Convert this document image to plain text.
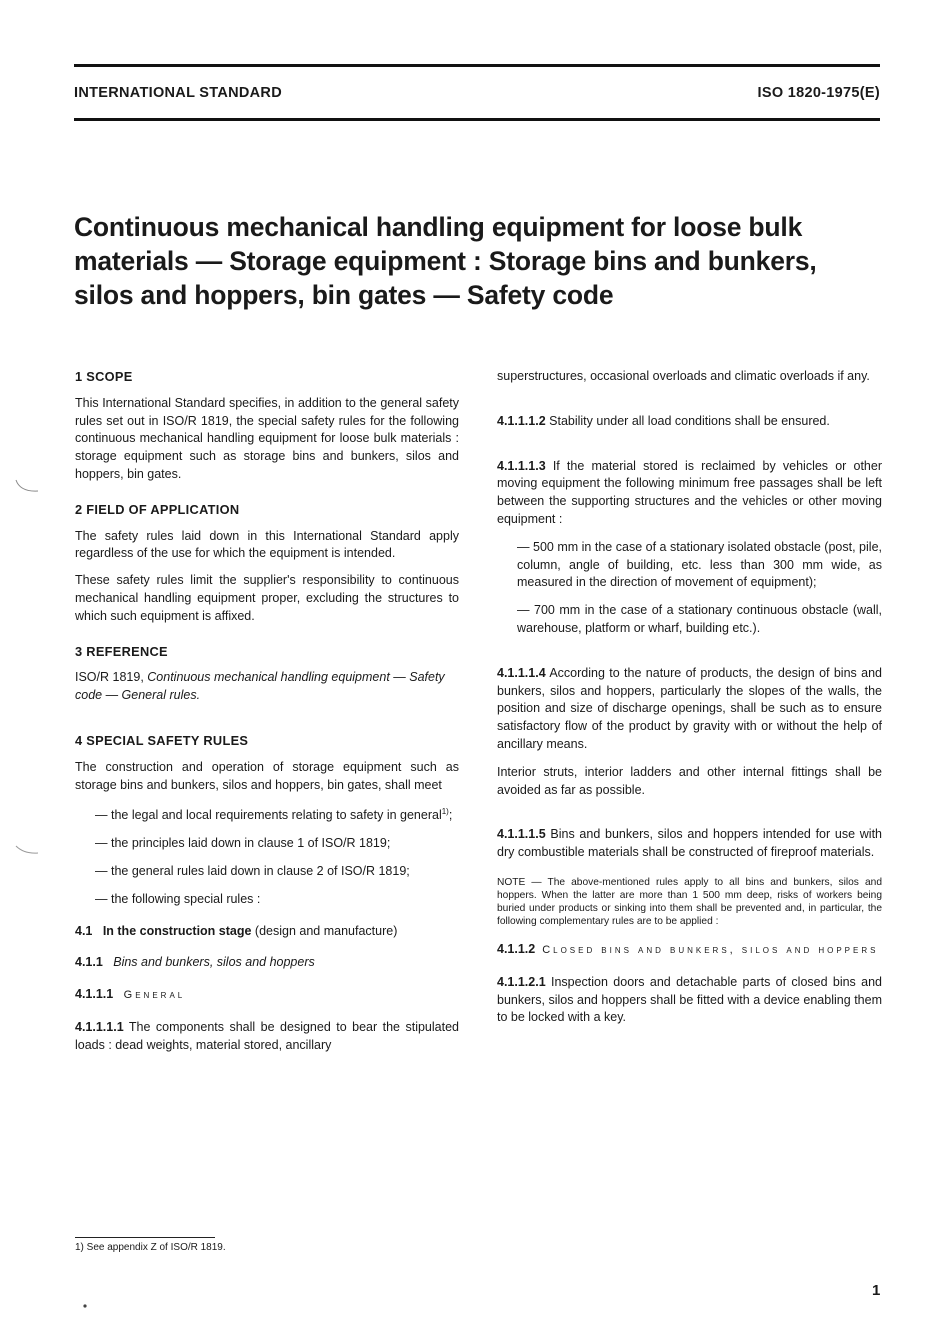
INTERNATIONAL STANDARD	ISO 1820-1975(E)
Continuous mechanical handling equipment for loose bulk
materials — Storage equipment : Storage bins and bunkers,
silos and hoppers, bin gates — Safety code

1 SCOPE

This International Standard specifies, in addition to the general safety rules set out in ISO/R 1819, the special safety rules for the following continuous mechanical handling equipment for loose bulk materials : storage equipment such as storage bins and bunkers, silos and hoppers, bin gates.

2 FIELD OF APPLICATION

The safety rules laid down in this International Standard apply regardless of the use for which the equipment is intended.

These safety rules limit the supplier's responsibility to continuous mechanical handling equipment proper, excluding the structures to which such equipment is affixed.

3 REFERENCE

ISO/R 1819, Continuous mechanical handling equipment — Safety code — General rules.

4 SPECIAL SAFETY RULES

The construction and operation of storage equipment such as storage bins and bunkers, silos and hoppers, bin gates, shall meet

— the legal and local requirements relating to safety in general$^{1)}$;

— the principles laid down in clause 1 of ISO/R 1819;

— the general rules laid down in clause 2 of ISO/R 1819;

— the following special rules :

4.1 In the construction stage (design and manufacture)

4.1.1 Bins and bunkers, silos and hoppers

4.1.1.1 General

4.1.1.1.1 The components shall be designed to bear the stipulated loads : dead weights, material stored, ancillary

superstructures, occasional overloads and climatic overloads if any.

4.1.1.1.2 Stability under all load conditions shall be ensured.

4.1.1.1.3 If the material stored is reclaimed by vehicles or other moving equipment the following minimum free passages shall be left between the supporting structures and the vehicles or other moving equipment :

— 500 mm in the case of a stationary isolated obstacle (post, pile, column, angle of building, etc. less than 300 mm wide, as measured in the direction of movement of equipment);

— 700 mm in the case of a stationary continuous obstacle (wall, warehouse, platform or wharf, building etc.).

4.1.1.1.4 According to the nature of products, the design of bins and bunkers, silos and hoppers, particularly the slopes of the walls, the position and size of discharge openings, shall be such as to ensure satisfactory flow of the product by gravity with or without the help of ancillary means.

Interior struts, interior ladders and other internal fittings shall be avoided as far as possible.

4.1.1.1.5 Bins and bunkers, silos and hoppers intended for use with dry combustible materials shall be constructed of fireproof materials.

NOTE — The above-mentioned rules apply to all bins and bunkers, silos and hoppers. When the latter are more than 1 500 mm deep, risks of workers being buried under products or sinking into them shall be prevented and, in particular, the following complementary rules are to be applied :

4.1.1.2 Closed bins and bunkers, silos and hoppers

4.1.1.2.1 Inspection doors and detachable parts of closed bins and bunkers, silos and hoppers shall be fitted with a device enabling them to be locked with a key.

1) See appendix Z of ISO/R 1819.
1
